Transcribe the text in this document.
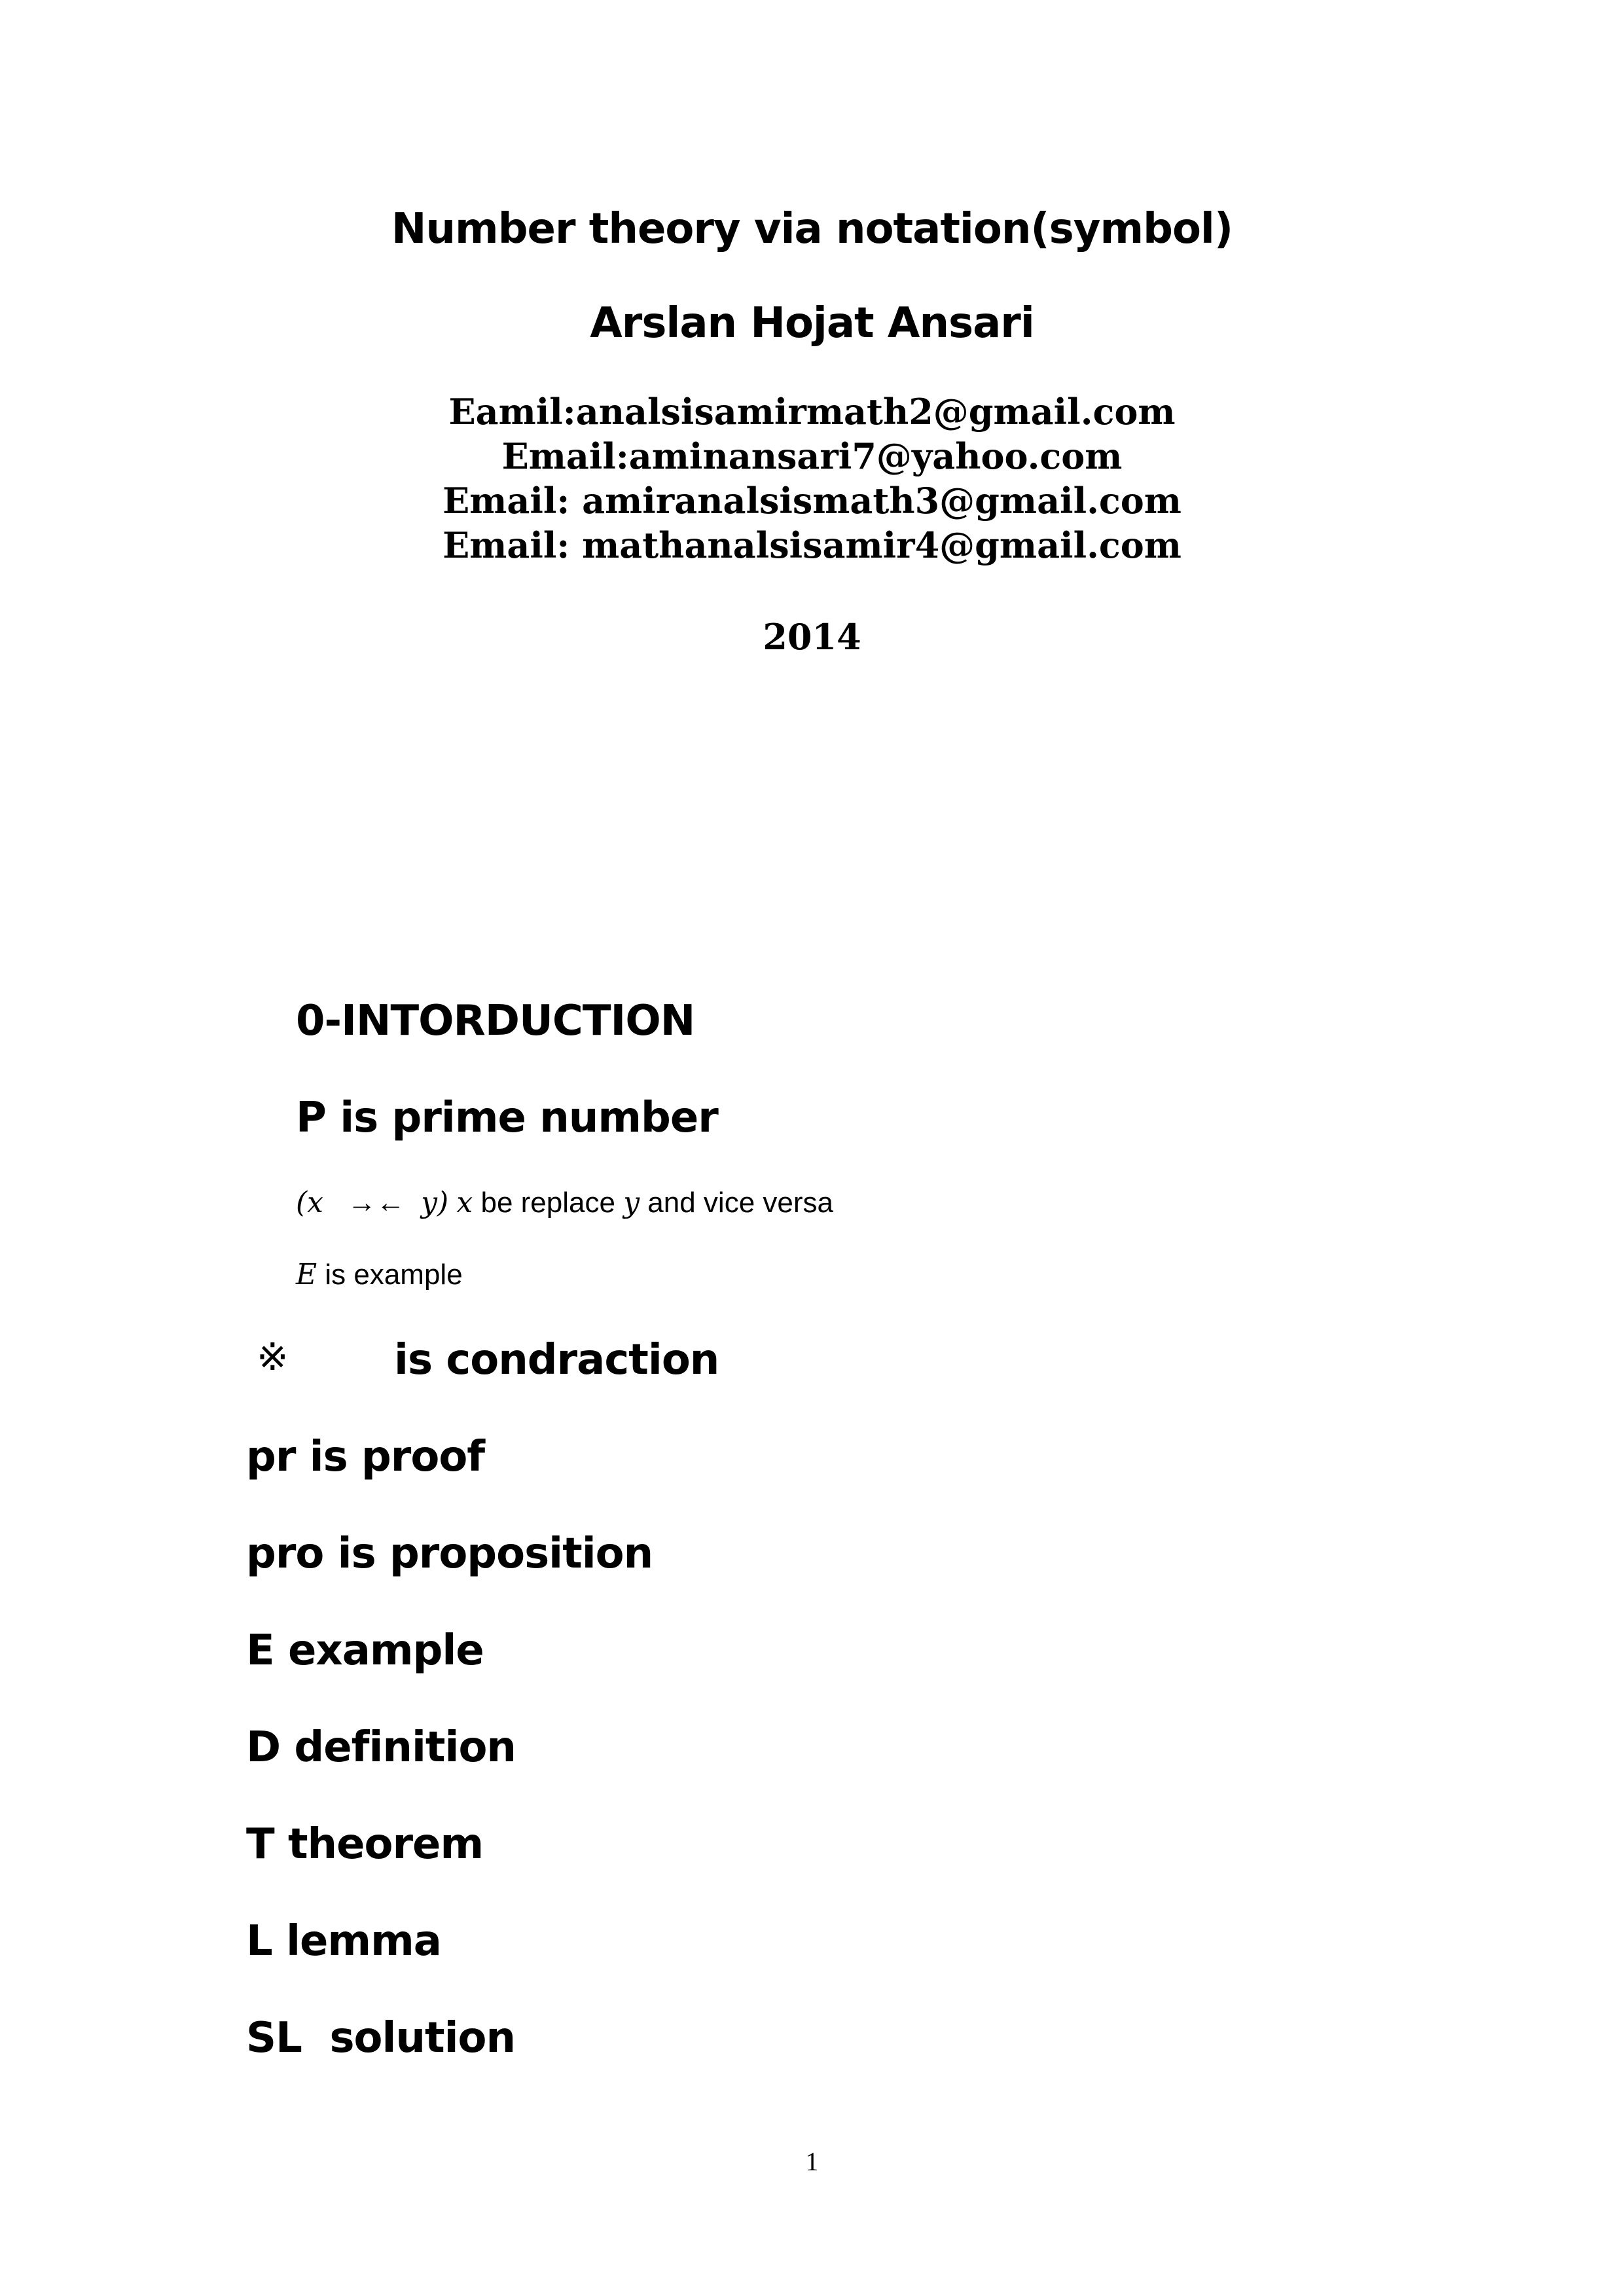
Number theory via notation(symbol)
Arslan Hojat Ansari

Eamil:analsisamirmath2@gmail.com

Email:aminansari7@yahoo.com

Email: amiranalsismath3@gmail.com

Email: mathanalsisamir4@gmail.com

2014

0-INTORDUCTION

P is prime number

(x →← y) x be replace y and vice versa

E is example

※	is condraction

pr is proof

pro is proposition

E example

D definition

T theorem

L lemma

SL  solution

1
